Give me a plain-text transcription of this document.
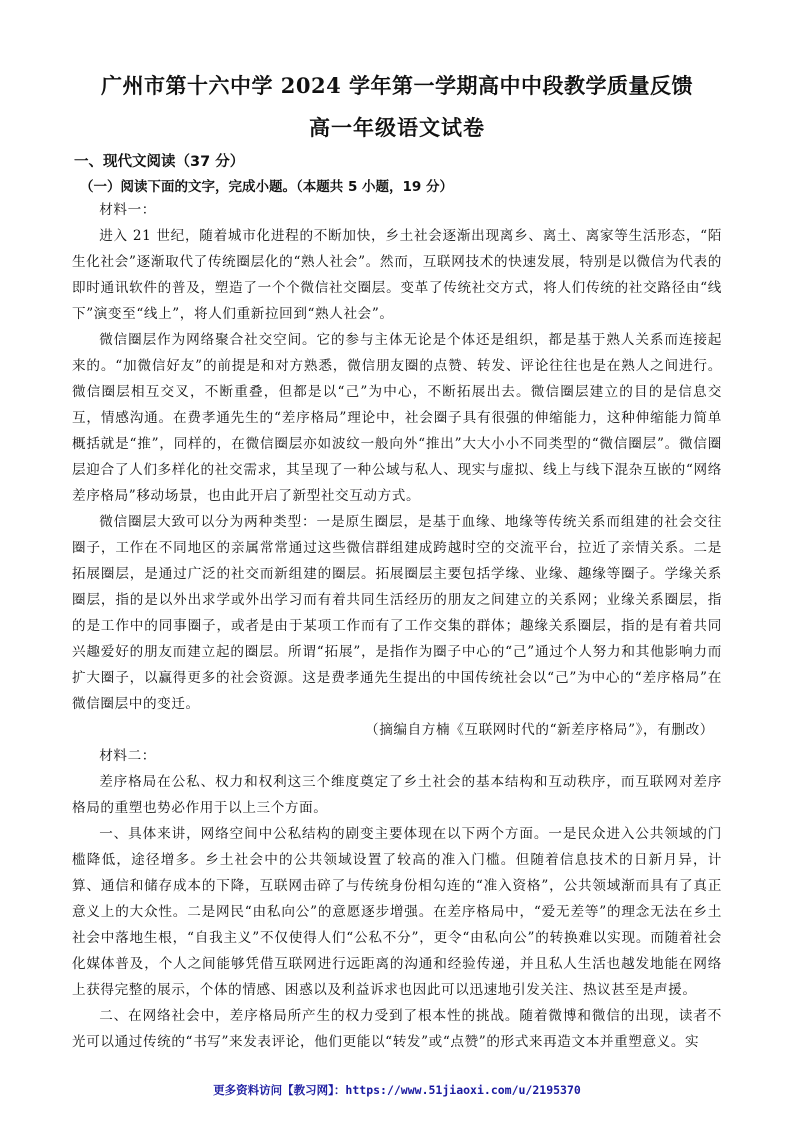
广州市第十六中学 2024 学年第一学期高中中段教学质量反馈
高一年级语文试卷
一、现代文阅读（37 分）
（一）阅读下面的文字，完成小题。（本题共 5 小题，19 分）

材料一：

进入 21 世纪，随着城市化进程的不断加快，乡土社会逐渐出现离乡、离土、离家等生活形态，“陌生化社会”逐渐取代了传统圈层化的“熟人社会”。然而，互联网技术的快速发展，特别是以微信为代表的即时通讯软件的普及，塑造了一个个微信社交圈层。变革了传统社交方式，将人们传统的社交路径由“线下”演变至“线上”，将人们重新拉回到“熟人社会”。

微信圈层作为网络聚合社交空间。它的参与主体无论是个体还是组织，都是基于熟人关系而连接起来的。“加微信好友”的前提是和对方熟悉，微信朋友圈的点赞、转发、评论往往也是在熟人之间进行。微信圈层相互交叉，不断重叠，但都是以“己”为中心，不断拓展出去。微信圈层建立的目的是信息交互，情感沟通。在费孝通先生的“差序格局”理论中，社会圈子具有很强的伸缩能力，这种伸缩能力简单概括就是“推”，同样的，在微信圈层亦如波纹一般向外“推出”大大小小不同类型的“微信圈层”。微信圈层迎合了人们多样化的社交需求，其呈现了一种公域与私人、现实与虚拟、线上与线下混杂互嵌的“网络差序格局”移动场景，也由此开启了新型社交互动方式。

微信圈层大致可以分为两种类型：一是原生圈层，是基于血缘、地缘等传统关系而组建的社会交往圈子，工作在不同地区的亲属常常通过这些微信群组建成跨越时空的交流平台，拉近了亲情关系。二是拓展圈层，是通过广泛的社交而新组建的圈层。拓展圈层主要包括学缘、业缘、趣缘等圈子。学缘关系圈层，指的是以外出求学或外出学习而有着共同生活经历的朋友之间建立的关系网；业缘关系圈层，指的是工作中的同事圈子，或者是由于某项工作而有了工作交集的群体；趣缘关系圈层，指的是有着共同兴趣爱好的朋友而建立起的圈层。所谓“拓展”，是指作为圈子中心的“己”通过个人努力和其他影响力而扩大圈子，以赢得更多的社会资源。这是费孝通先生提出的中国传统社会以“己”为中心的“差序格局”在微信圈层中的变迁。

（摘编自方楠《互联网时代的“新差序格局”》，有删改）

材料二：

差序格局在公私、权力和权利这三个维度奠定了乡土社会的基本结构和互动秩序，而互联网对差序格局的重塑也势必作用于以上三个方面。

一、具体来讲，网络空间中公私结构的剧变主要体现在以下两个方面。一是民众进入公共领域的门槛降低，途径增多。乡土社会中的公共领域设置了较高的准入门槛。但随着信息技术的日新月异，计算、通信和储存成本的下降，互联网击碎了与传统身份相勾连的“准入资格”，公共领域渐而具有了真正意义上的大众性。二是网民“由私向公”的意愿逐步增强。在差序格局中，“爱无差等”的理念无法在乡土社会中落地生根，“自我主义”不仅使得人们“公私不分”，更令“由私向公”的转换难以实现。而随着社会化媒体普及，个人之间能够凭借互联网进行远距离的沟通和经验传递，并且私人生活也越发地能在网络上获得完整的展示，个体的情感、困惑以及利益诉求也因此可以迅速地引发关注、热议甚至是声援。

二、在网络社会中，差序格局所产生的权力受到了根本性的挑战。随着微博和微信的出现，读者不光可以通过传统的“书写”来发表评论，他们更能以“转发”或“点赞”的形式来再造文本并重塑意义。实

更多资料访问【教习网】：https://www.51jiaoxi.com/u/2195370
